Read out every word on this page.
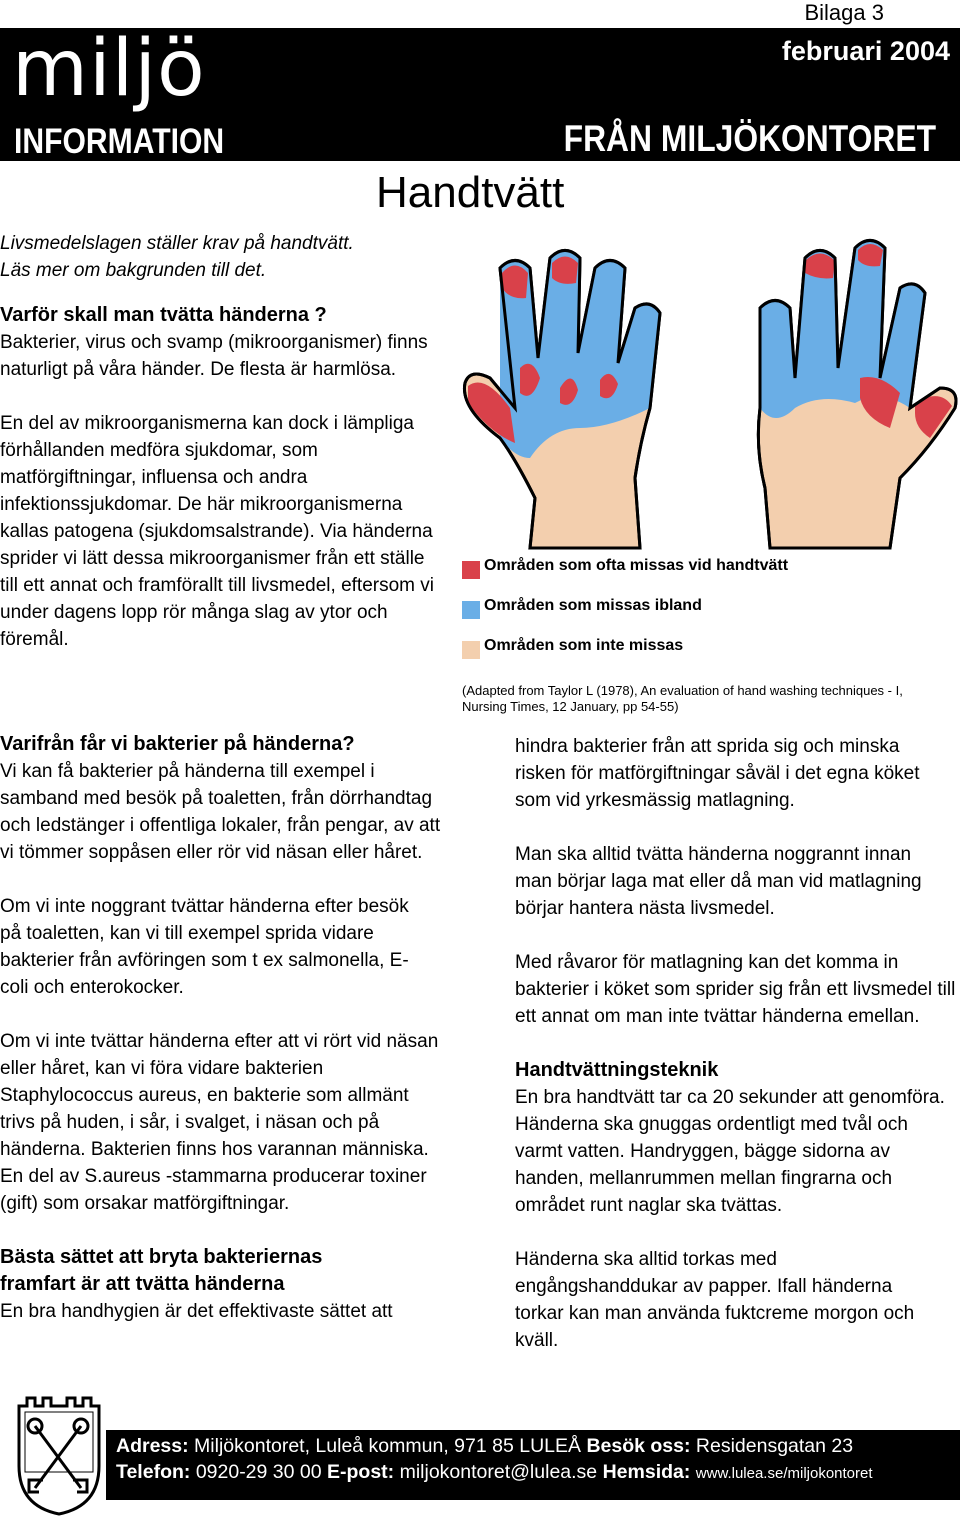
Bilaga 3
miljö
INFORMATION
februari 2004
FRÅN MILJÖKONTORET
Handtvätt
Livsmedelslagen ställer krav på handtvätt.
Läs mer om bakgrunden till det.
Varför skall man tvätta händerna ?

Bakterier, virus och svamp (mikroorganismer) finns naturligt på våra händer. De flesta är harmlösa.

En del av mikroorganismerna kan dock i lämpliga förhållanden medföra sjukdomar, som matförgiftningar, influensa och andra infektionssjukdomar. De här mikroorganismerna kallas patogena (sjukdomsalstrande). Via händerna sprider vi lätt dessa mikroorganismer från ett ställe till ett annat och framförallt till livsmedel, eftersom vi under dagens lopp rör många slag av ytor och föremål.

Områden som ofta missas vid handtvätt
Områden som missas ibland
Områden som inte missas
(Adapted from Taylor L (1978), An evaluation of hand washing techniques - I,
Nursing Times, 12 January, pp 54-55)
Varifrån får vi bakterier på händerna?

Vi kan få bakterier på händerna till exempel i samband med besök på toaletten, från dörrhandtag och ledstänger i offentliga lokaler, från pengar, av att vi tömmer soppåsen eller rör vid näsan eller håret.

Om vi inte noggrant tvättar händerna efter besök på toaletten, kan vi till exempel sprida vidare bakterier från avföringen som t ex salmonella, E-coli och enterokocker.

Om vi inte tvättar händerna efter att vi rört vid näsan eller håret, kan vi föra vidare bakterien Staphylococcus aureus, en bakterie som allmänt trivs på huden, i sår, i svalget, i näsan och på händerna. Bakterien finns hos varannan människa. En del av S.aureus -stammarna producerar toxiner (gift) som orsakar matförgiftningar.

Bästa sättet att bryta bakteriernas framfart är att tvätta händerna

En bra handhygien är det effektivaste sättet att

hindra bakterier från att sprida sig och minska risken för matförgiftningar såväl i det egna köket som vid yrkesmässig matlagning.

Man ska alltid tvätta händerna noggrannt innan man börjar laga mat eller då man vid matlagning börjar hantera nästa livsmedel.

Med råvaror för matlagning kan det komma in bakterier i köket som sprider sig från ett livsmedel till ett annat om man inte tvättar händerna emellan.

Handtvättningsteknik

En bra handtvätt tar ca 20 sekunder att genomföra. Händerna ska gnuggas ordentligt med tvål och varmt vatten. Handryggen, bägge sidorna av handen, mellanrummen mellan fingrarna och området runt naglar ska tvättas.

Händerna ska alltid torkas med engångshanddukar av papper. Ifall händerna torkar kan man använda fuktcreme morgon och kväll.

Adress: Miljökontoret, Luleå kommun, 971 85 LULEÅ Besök oss: Residensgatan 23
Telefon: 0920-29 30 00 E-post: miljokontoret@lulea.se Hemsida: www.lulea.se/miljokontoret
